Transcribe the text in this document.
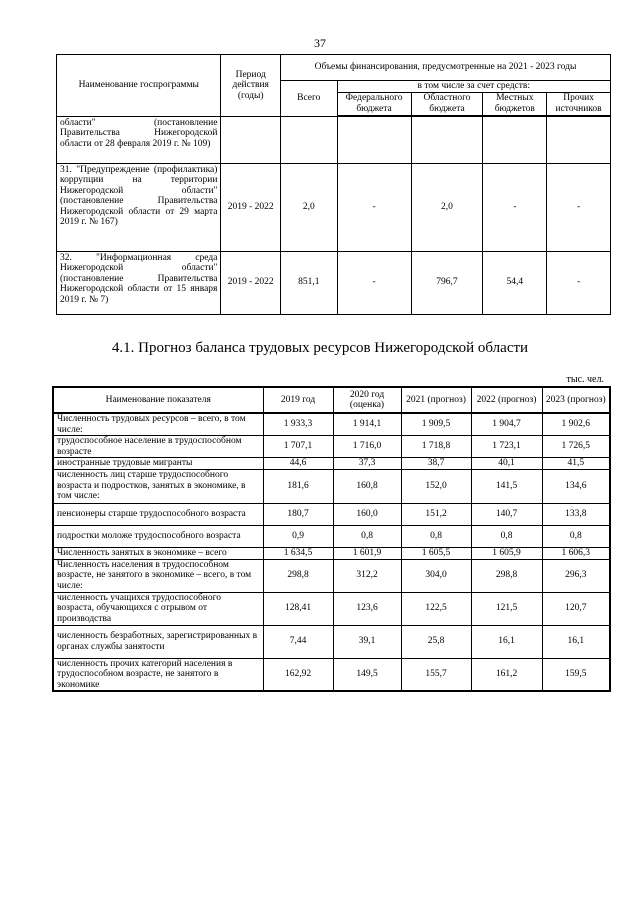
37
Наименование госпрограммы	Период действия (годы)	Объемы финансирования, предусмотренные на 2021 - 2023 годы				
		Всего	в том числе за счет средств:			
			Федерального бюджета	Областного бюджета	Местных бюджетов	Прочих источников
области" (постановление Правительства Нижегородской области от 28 февраля 2019 г. № 109)						
31. "Предупреждение (профилактика) коррупции на территории Нижегородской области" (постановление Правительства Нижегородской области от 29 марта 2019 г. № 167)	2019 - 2022	2,0	-	2,0	-	-
32. "Информационная среда Нижегородской области" (постановление Правительства Нижегородской области от 15 января 2019 г. № 7)	2019 - 2022	851,1	-	796,7	54,4	-
4.1. Прогноз баланса трудовых ресурсов Нижегородской области
тыс. чел.
Наименование показателя	2019 год	2020 год (оценка)	2021 (прогноз)	2022 (прогноз)	2023 (прогноз)
Численность трудовых ресурсов – всего, в том числе:	1 933,3	1 914,1	1 909,5	1 904,7	1 902,6
трудоспособное население в трудоспособном возрасте	1 707,1	1 716,0	1 718,8	1 723,1	1 726,5
иностранные трудовые мигранты	44,6	37,3	38,7	40,1	41,5
численность лиц старше трудоспособного возраста и подростков, занятых в экономике, в том числе:	181,6	160,8	152,0	141,5	134,6
пенсионеры старше трудоспособного возраста	180,7	160,0	151,2	140,7	133,8
подростки моложе трудоспособного возраста	0,9	0,8	0,8	0,8	0,8
Численность занятых в экономике – всего	1 634,5	1 601,9	1 605,5	1 605,9	1 606,3
Численность населения в трудоспособном возрасте, не занятого в экономике – всего, в том числе:	298,8	312,2	304,0	298,8	296,3
численность учащихся трудоспособного возраста, обучающихся с отрывом от производства	128,41	123,6	122,5	121,5	120,7
численность безработных, зарегистрированных в органах службы занятости	7,44	39,1	25,8	16,1	16,1
численность прочих категорий населения в трудоспособном возрасте, не занятого в экономике	162,92	149,5	155,7	161,2	159,5
